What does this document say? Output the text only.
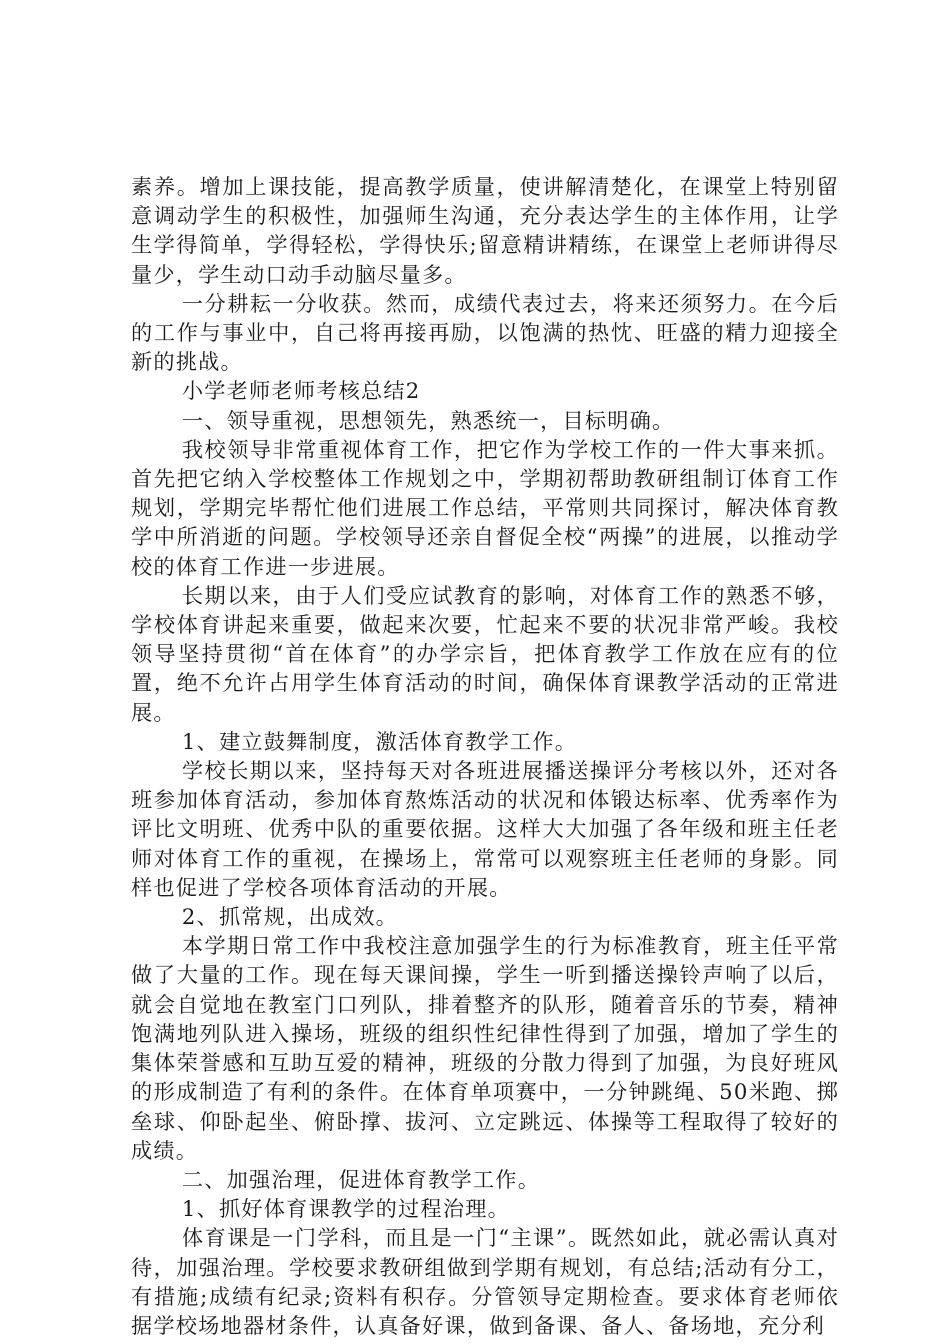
素养。增加上课技能，提高教学质量，使讲解清楚化，在课堂上特别留意调动学生的积极性，加强师生沟通，充分表达学生的主体作用，让学生学得简单，学得轻松，学得快乐;留意精讲精练，在课堂上老师讲得尽量少，学生动口动手动脑尽量多。

一分耕耘一分收获。然而，成绩代表过去，将来还须努力。在今后的工作与事业中，自己将再接再励，以饱满的热忱、旺盛的精力迎接全新的挑战。

小学老师老师考核总结2

一、领导重视，思想领先，熟悉统一，目标明确。

我校领导非常重视体育工作，把它作为学校工作的一件大事来抓。首先把它纳入学校整体工作规划之中，学期初帮助教研组制订体育工作规划，学期完毕帮忙他们进展工作总结，平常则共同探讨，解决体育教学中所消逝的问题。学校领导还亲自督促全校“两操”的进展，以推动学校的体育工作进一步进展。

长期以来，由于人们受应试教育的影响，对体育工作的熟悉不够，学校体育讲起来重要，做起来次要，忙起来不要的状况非常严峻。我校领导坚持贯彻“首在体育”的办学宗旨，把体育教学工作放在应有的位置，绝不允许占用学生体育活动的时间，确保体育课教学活动的正常进展。

1、建立鼓舞制度，激活体育教学工作。

学校长期以来，坚持每天对各班进展播送操评分考核以外，还对各班参加体育活动，参加体育熬炼活动的状况和体锻达标率、优秀率作为评比文明班、优秀中队的重要依据。这样大大加强了各年级和班主任老师对体育工作的重视，在操场上，常常可以观察班主任老师的身影。同样也促进了学校各项体育活动的开展。

2、抓常规，出成效。

本学期日常工作中我校注意加强学生的行为标准教育，班主任平常做了大量的工作。现在每天课间操，学生一听到播送操铃声响了以后，就会自觉地在教室门口列队，排着整齐的队形，随着音乐的节奏，精神饱满地列队进入操场，班级的组织性纪律性得到了加强，增加了学生的集体荣誉感和互助互爱的精神，班级的分散力得到了加强，为良好班风的形成制造了有利的条件。在体育单项赛中，一分钟跳绳、50米跑、掷垒球、仰卧起坐、俯卧撑、拔河、立定跳远、体操等工程取得了较好的成绩。

二、加强治理，促进体育教学工作。

1、抓好体育课教学的过程治理。

体育课是一门学科，而且是一门“主课”。既然如此，就必需认真对待，加强治理。学校要求教研组做到学期有规划，有总结;活动有分工，有措施;成绩有纪录;资料有积存。分管领导定期检查。要求体育老师依据学校场地器材条件，认真备好课，做到备课、备人、备场地，充分利
